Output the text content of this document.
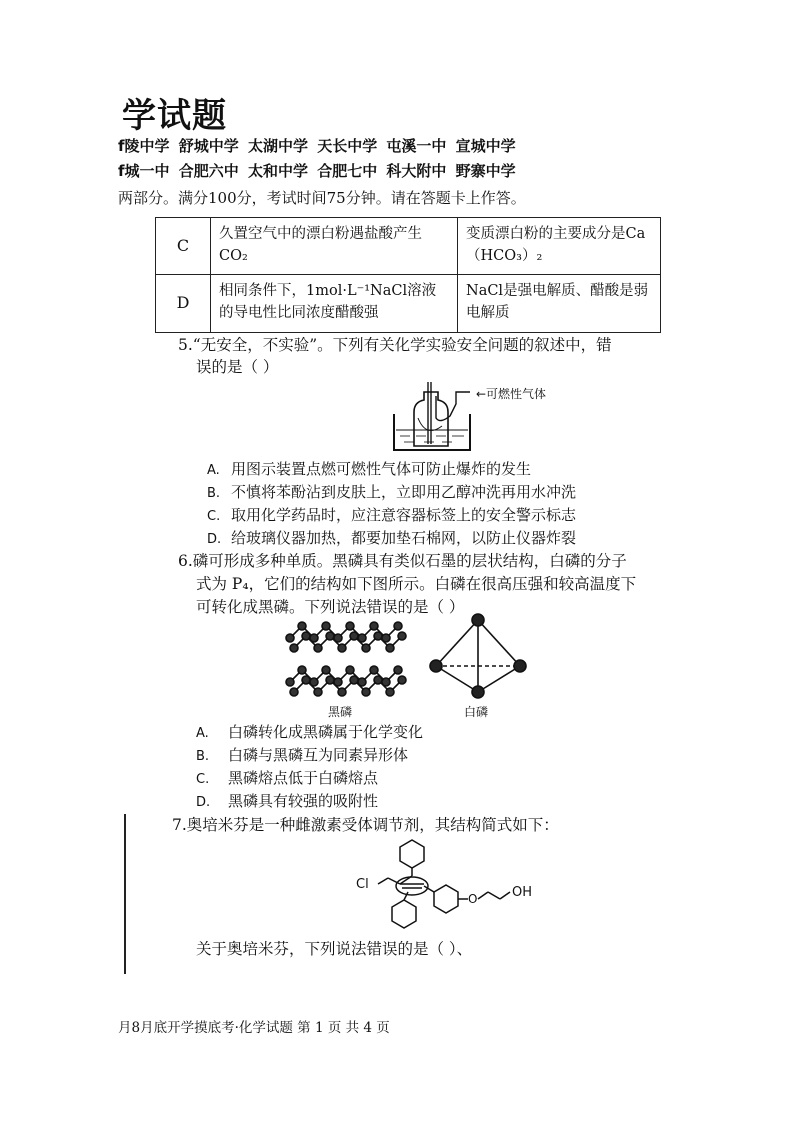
学试题
f陵中学 舒城中学 太湖中学 天长中学 屯溪一中 宣城中学
f城一中 合肥六中 太和中学 合肥七中 科大附中 野寨中学
两部分。满分100分，考试时间75分钟。请在答题卡上作答。
C	久置空气中的漂白粉遇盐酸产生CO₂	变质漂白粉的主要成分是Ca（HCO₃）₂
D	相同条件下，1mol·L⁻¹NaCl溶液的导电性比同浓度醋酸强	NaCl是强电解质、醋酸是弱电解质
5.“无安全，不实验”。下列有关化学实验安全问题的叙述中，错
误的是（ ）
←可燃性气体
A. 用图示装置点燃可燃性气体可防止爆炸的发生
B. 不慎将苯酚沾到皮肤上，立即用乙醇冲洗再用水冲洗
C. 取用化学药品时，应注意容器标签上的安全警示标志
D. 给玻璃仪器加热，都要加垫石棉网，以防止仪器炸裂
6.磷可形成多种单质。黑磷具有类似石墨的层状结构，白磷的分子
式为 P₄，它们的结构如下图所示。白磷在很高压强和较高温度下
可转化成黑磷。下列说法错误的是（ ）
黑磷	白磷
A. 白磷转化成黑磷属于化学变化
B. 白磷与黑磷互为同素异形体
C. 黑磷熔点低于白磷熔点
D. 黑磷具有较强的吸附性
7.奥培米芬是一种雌激素受体调节剂，其结构简式如下：
Cl
O	OH
关于奥培米芬，下列说法错误的是（ ）、
月8月底开学摸底考·化学试题 第 1 页 共 4 页
